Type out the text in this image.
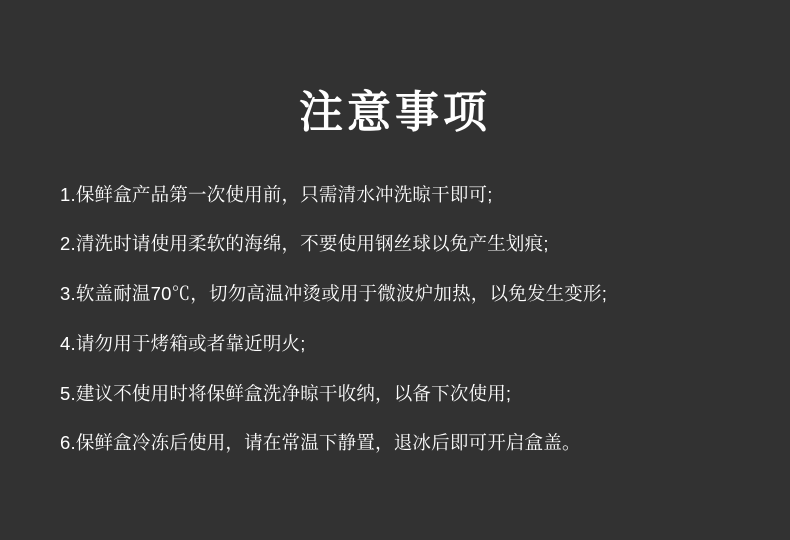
注意事项
1.保鲜盒产品第一次使用前，只需清水冲洗晾干即可;
2.清洗时请使用柔软的海绵，不要使用钢丝球以免产生划痕;
3.软盖耐温70℃，切勿高温冲烫或用于微波炉加热，以免发生变形;
4.请勿用于烤箱或者靠近明火;
5.建议不使用时将保鲜盒洗净晾干收纳，以备下次使用;
6.保鲜盒冷冻后使用，请在常温下静置，退冰后即可开启盒盖。
